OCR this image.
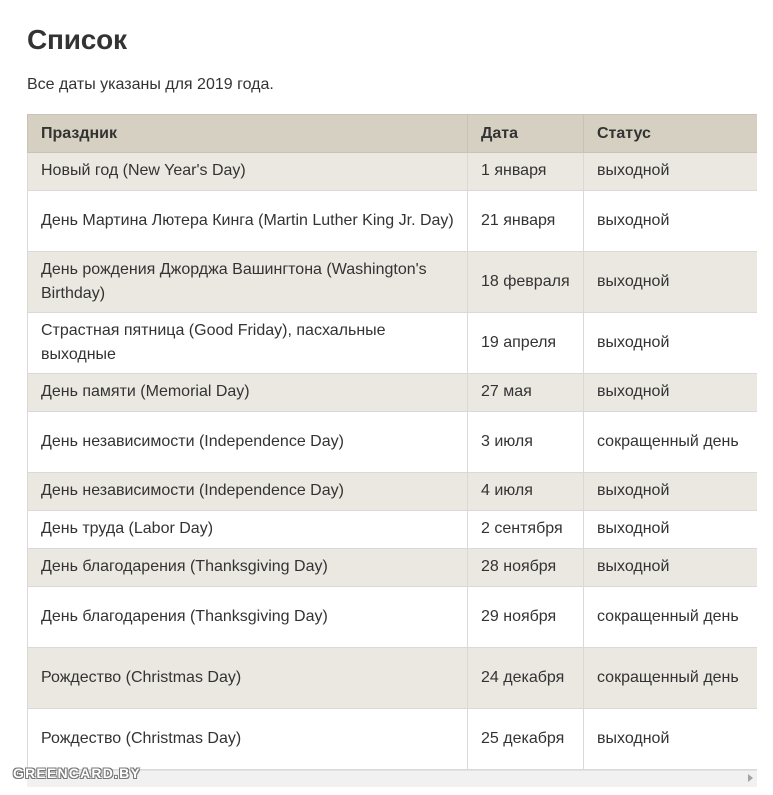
Список

Все даты указаны для 2019 года.

Праздник	Дата	Статус
Новый год (New Year's Day)	1 января	выходной
День Мартина Лютера Кинга (Martin Luther King Jr. Day)	21 января	выходной
День рождения Джорджа Вашингтона (Washington's Birthday)	18 февраля	выходной
Страстная пятница (Good Friday), пасхальные выходные	19 апреля	выходной
День памяти (Memorial Day)	27 мая	выходной
День независимости (Independence Day)	3 июля	сокращенный день
День независимости (Independence Day)	4 июля	выходной
День труда (Labor Day)	2 сентября	выходной
День благодарения (Thanksgiving Day)	28 ноября	выходной
День благодарения (Thanksgiving Day)	29 ноября	сокращенный день
Рождество (Christmas Day)	24 декабря	сокращенный день
Рождество (Christmas Day)	25 декабря	выходной
GREENCARD.BY
